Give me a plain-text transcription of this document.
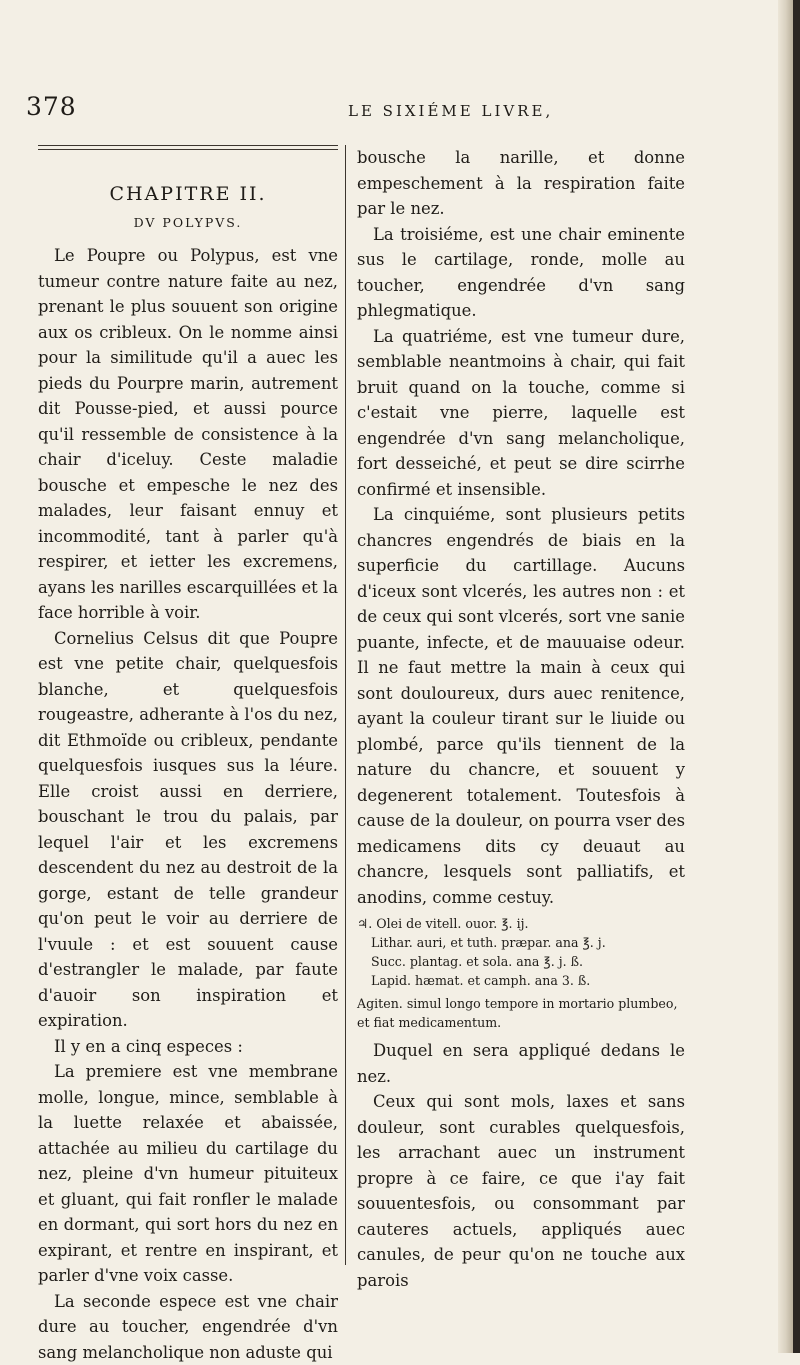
378	LE SIXIÉME LIVRE,
CHAPITRE II.
DV POLYPVS.

Le Poupre ou Polypus, est vne tumeur contre nature faite au nez, prenant le plus souuent son origine aux os cribleux. On le nomme ainsi pour la similitude qu'il a auec les pieds du Pourpre marin, autrement dit Pousse-pied, et aussi pource qu'il ressemble de consistence à la chair d'iceluy. Ceste maladie bousche et empesche le nez des malades, leur faisant ennuy et incommodité, tant à parler qu'à respirer, et ietter les excremens, ayans les narilles escarquillées et la face horrible à voir.

Cornelius Celsus dit que Poupre est vne petite chair, quelquesfois blanche, et quelquesfois rougeastre, adherante à l'os du nez, dit Ethmoïde ou cribleux, pendante quelquesfois iusques sus la léure. Elle croist aussi en derriere, bouschant le trou du palais, par lequel l'air et les excremens descendent du nez au destroit de la gorge, estant de telle grandeur qu'on peut le voir au derriere de l'vuule : et est souuent cause d'estrangler le malade, par faute d'auoir son inspiration et expiration.

Il y en a cinq especes :

La premiere est vne membrane molle, longue, mince, semblable à la luette relaxée et abaissée, attachée au milieu du cartilage du nez, pleine d'vn humeur pituiteux et gluant, qui fait ronfler le malade en dormant, qui sort hors du nez en expirant, et rentre en inspirant, et parler d'vne voix casse.

La seconde espece est vne chair dure au toucher, engendrée d'vn sang melancholique non aduste qui

bousche la narille, et donne empeschement à la respiration faite par le nez.

La troisiéme, est une chair eminente sus le cartilage, ronde, molle au toucher, engendrée d'vn sang phlegmatique.

La quatriéme, est vne tumeur dure, semblable neantmoins à chair, qui fait bruit quand on la touche, comme si c'estait vne pierre, laquelle est engendrée d'vn sang melancholique, fort desseiché, et peut se dire scirrhe confirmé et insensible.

La cinquiéme, sont plusieurs petits chancres engendrés de biais en la superficie du cartillage. Aucuns d'iceux sont vlcerés, les autres non : et de ceux qui sont vlcerés, sort vne sanie puante, infecte, et de mauuaise odeur. Il ne faut mettre la main à ceux qui sont douloureux, durs auec renitence, ayant la couleur tirant sur le liuide ou plombé, parce qu'ils tiennent de la nature du chancre, et souuent y degenerent totalement. Toutesfois à cause de la douleur, on pourra vser des medicamens dits cy deuaut au chancre, lesquels sont palliatifs, et anodins, comme cestuy.

♃. Olei de vitell. ouor. ℥. ij.

Lithar. auri, et tuth. præpar. ana ℥. j.

Succ. plantag. et sola. ana ℥. j. ß.

Lapid. hæmat. et camph. ana 3. ß.

Agiten. simul longo tempore in mortario plumbeo, et fiat medicamentum.

Duquel en sera appliqué dedans le nez.

Ceux qui sont mols, laxes et sans douleur, sont curables quelquesfois, les arrachant auec un instrument propre à ce faire, ce que i'ay fait souuentesfois, ou consommant par cauteres actuels, appliqués auec canules, de peur qu'on ne touche aux parois
